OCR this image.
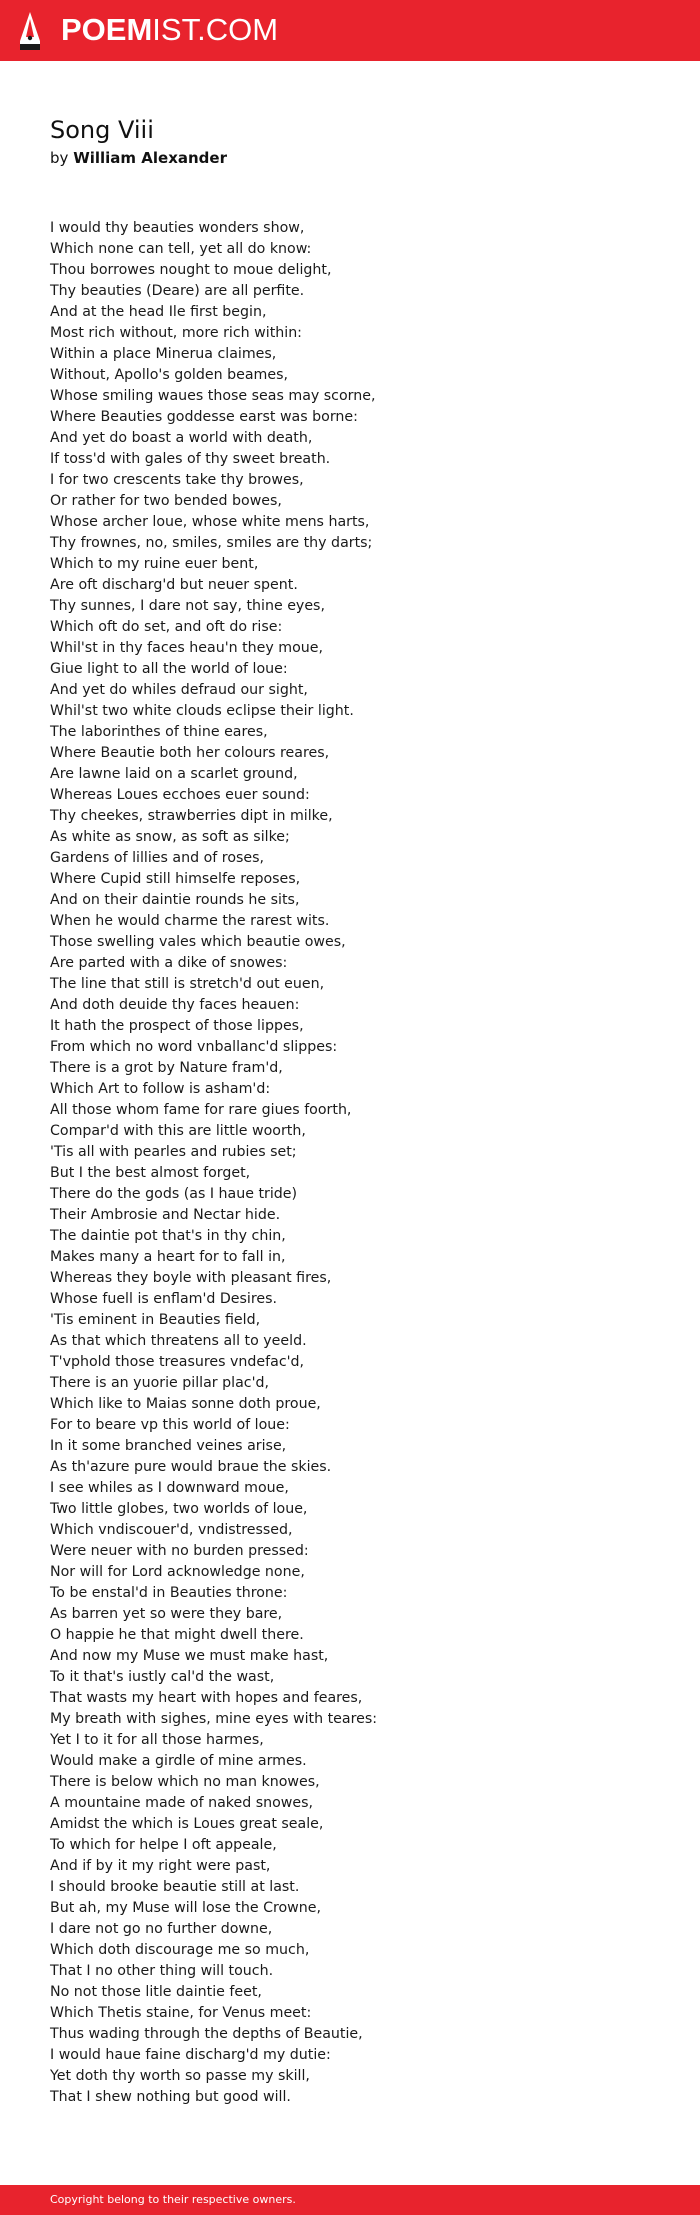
POEMIST.COM
Song Viii
by William Alexander
I would thy beauties wonders show,
Which none can tell, yet all do know:
Thou borrowes nought to moue delight,
Thy beauties (Deare) are all perfite.
And at the head Ile first begin,
Most rich without, more rich within:
Within a place Minerua claimes,
Without, Apollo's golden beames,
Whose smiling waues those seas may scorne,
Where Beauties goddesse earst was borne:
And yet do boast a world with death,
If toss'd with gales of thy sweet breath.
I for two crescents take thy browes,
Or rather for two bended bowes,
Whose archer loue, whose white mens harts,
Thy frownes, no, smiles, smiles are thy darts;
Which to my ruine euer bent,
Are oft discharg'd but neuer spent.
Thy sunnes, I dare not say, thine eyes,
Which oft do set, and oft do rise:
Whil'st in thy faces heau'n they moue,
Giue light to all the world of loue:
And yet do whiles defraud our sight,
Whil'st two white clouds eclipse their light.
The laborinthes of thine eares,
Where Beautie both her colours reares,
Are lawne laid on a scarlet ground,
Whereas Loues ecchoes euer sound:
Thy cheekes, strawberries dipt in milke,
As white as snow, as soft as silke;
Gardens of lillies and of roses,
Where Cupid still himselfe reposes,
And on their daintie rounds he sits,
When he would charme the rarest wits.
Those swelling vales which beautie owes,
Are parted with a dike of snowes:
The line that still is stretch'd out euen,
And doth deuide thy faces heauen:
It hath the prospect of those lippes,
From which no word vnballanc'd slippes:
There is a grot by Nature fram'd,
Which Art to follow is asham'd:
All those whom fame for rare giues foorth,
Compar'd with this are little woorth,
'Tis all with pearles and rubies set;
But I the best almost forget,
There do the gods (as I haue tride)
Their Ambrosie and Nectar hide.
The daintie pot that's in thy chin,
Makes many a heart for to fall in,
Whereas they boyle with pleasant fires,
Whose fuell is enflam'd Desires.
'Tis eminent in Beauties field,
As that which threatens all to yeeld.
T'vphold those treasures vndefac'd,
There is an yuorie pillar plac'd,
Which like to Maias sonne doth proue,
For to beare vp this world of loue:
In it some branched veines arise,
As th'azure pure would braue the skies.
I see whiles as I downward moue,
Two little globes, two worlds of loue,
Which vndiscouer'd, vndistressed,
Were neuer with no burden pressed:
Nor will for Lord acknowledge none,
To be enstal'd in Beauties throne:
As barren yet so were they bare,
O happie he that might dwell there.
And now my Muse we must make hast,
To it that's iustly cal'd the wast,
That wasts my heart with hopes and feares,
My breath with sighes, mine eyes with teares:
Yet I to it for all those harmes,
Would make a girdle of mine armes.
There is below which no man knowes,
A mountaine made of naked snowes,
Amidst the which is Loues great seale,
To which for helpe I oft appeale,
And if by it my right were past,
I should brooke beautie still at last.
But ah, my Muse will lose the Crowne,
I dare not go no further downe,
Which doth discourage me so much,
That I no other thing will touch.
No not those litle daintie feet,
Which Thetis staine, for Venus meet:
Thus wading through the depths of Beautie,
I would haue faine discharg'd my dutie:
Yet doth thy worth so passe my skill,
That I shew nothing but good will.
Copyright belong to their respective owners.
